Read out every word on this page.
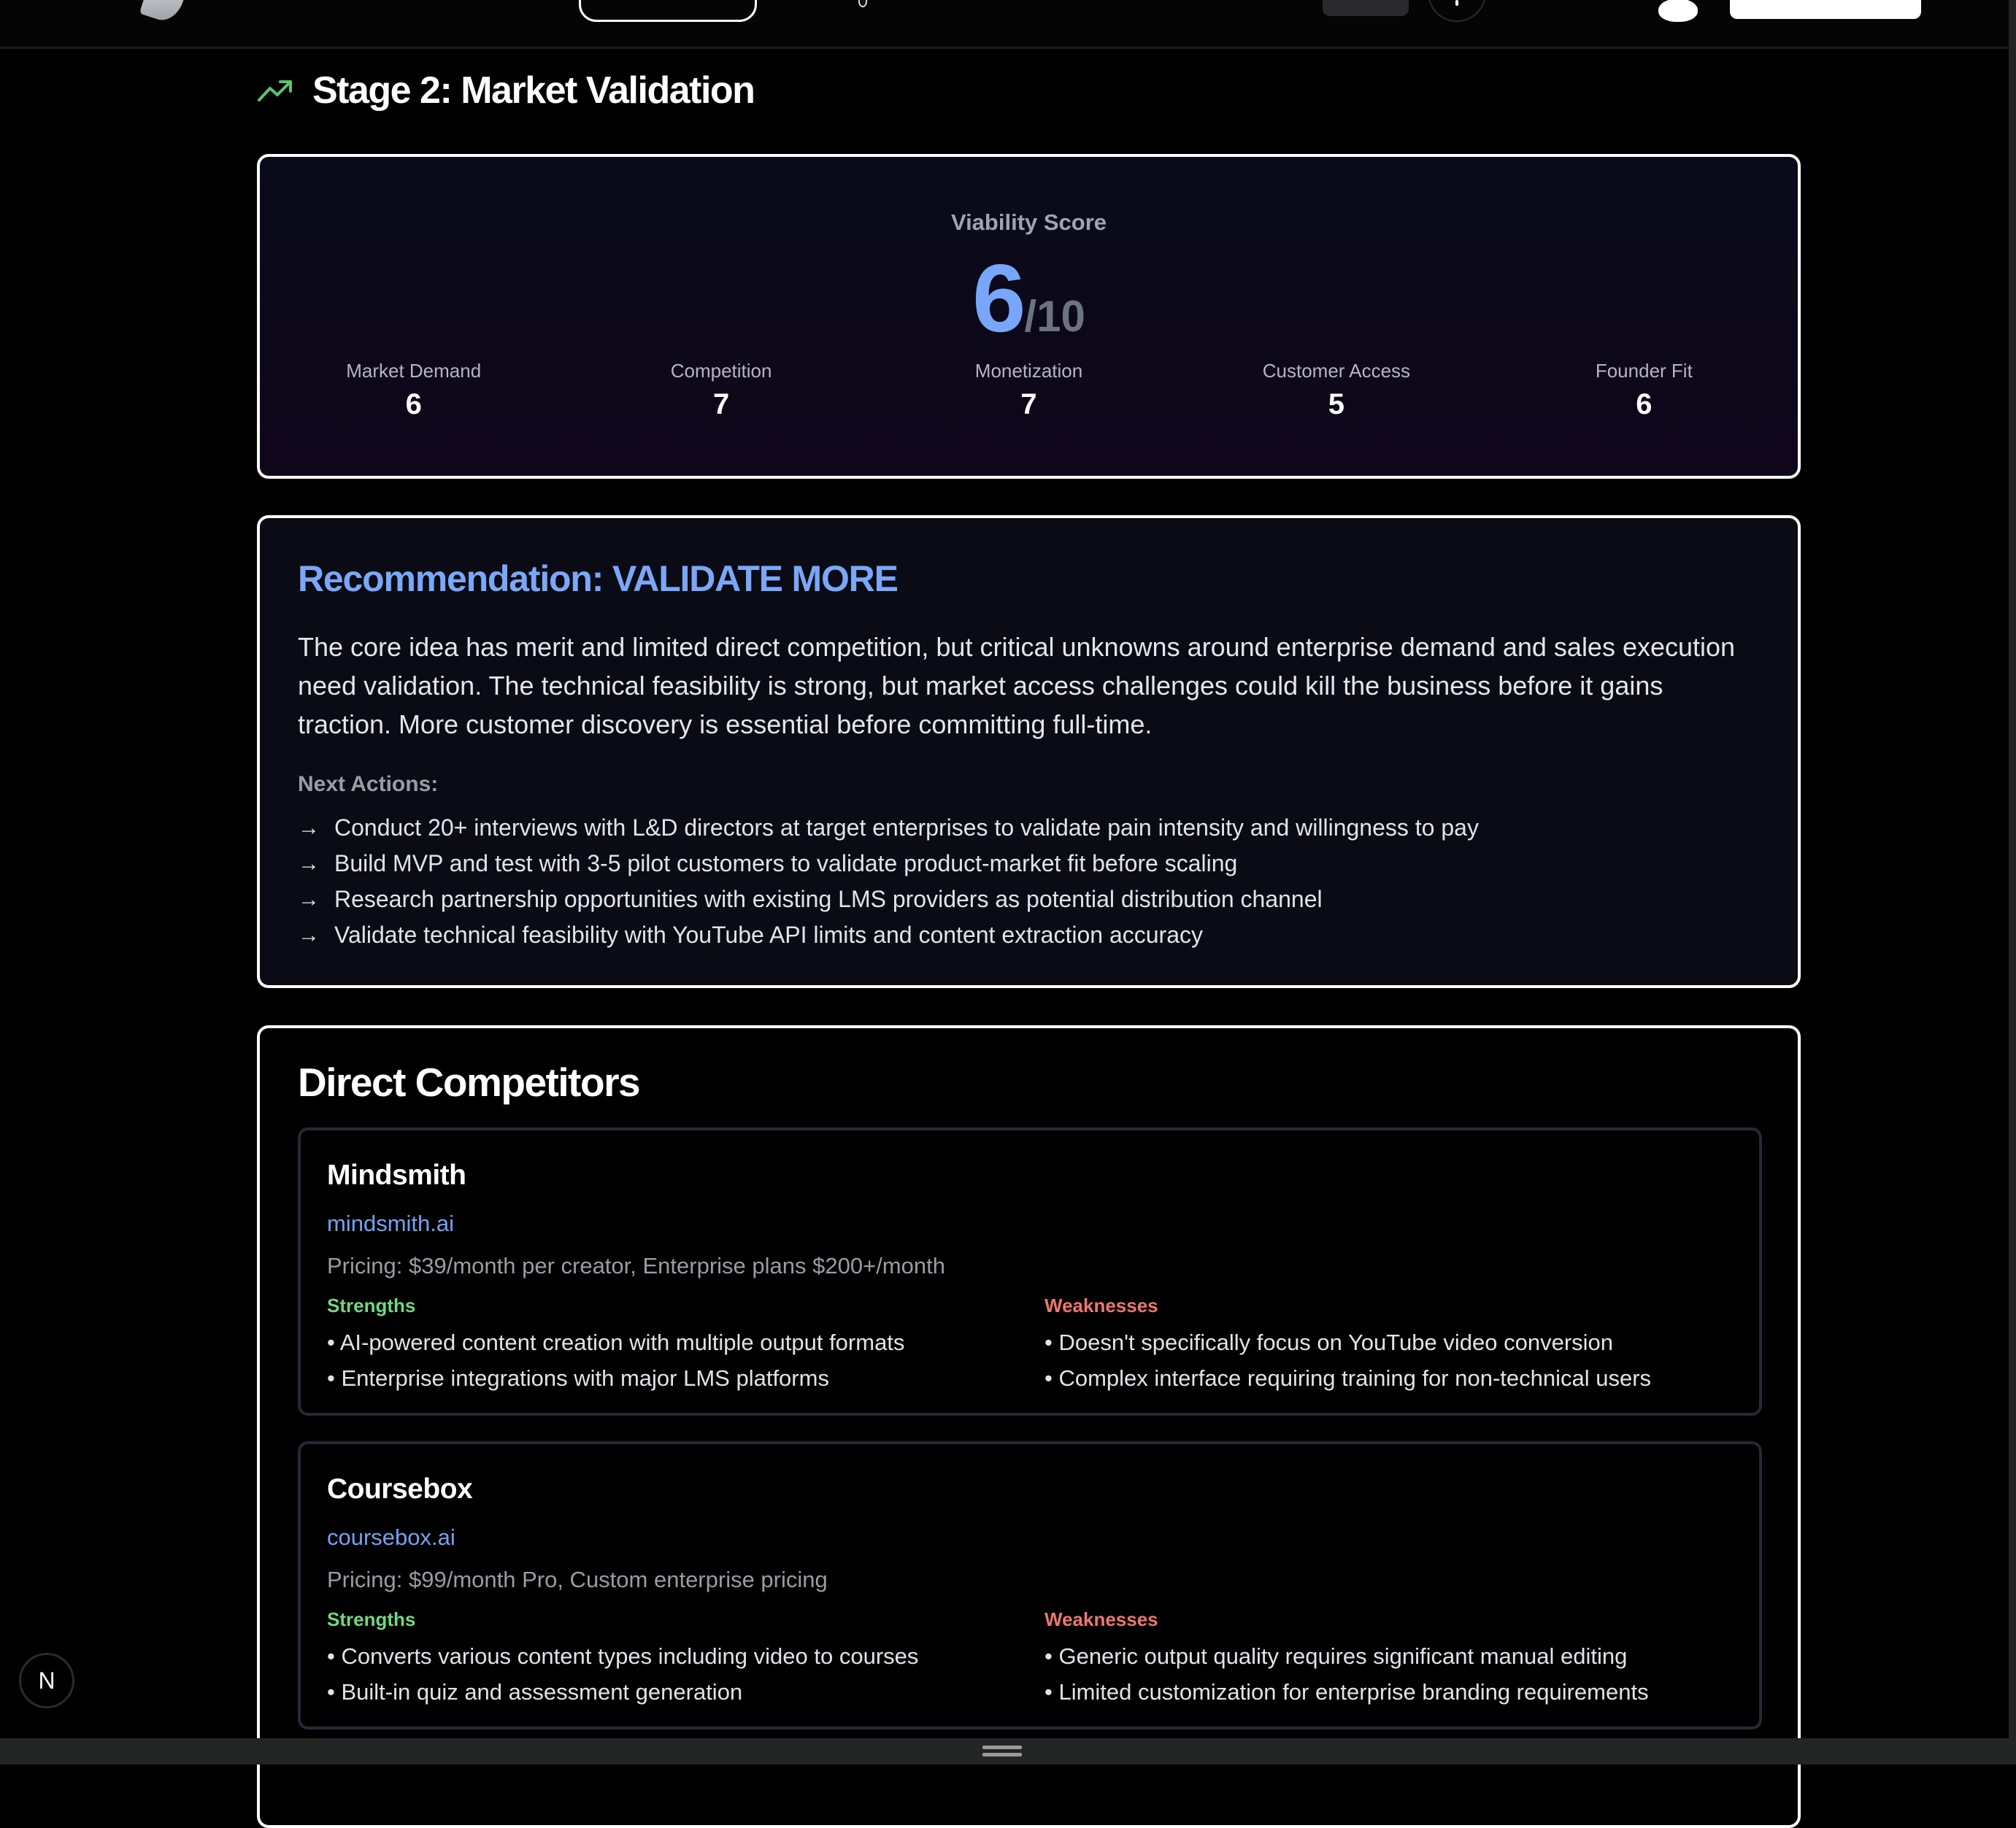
Stage 2: Market Validation
Viability Score
6/10
Market Demand
6
Competition
7
Monetization
7
Customer Access
5
Founder Fit
6
Recommendation: VALIDATE MORE
The core idea has merit and limited direct competition, but critical unknowns around enterprise demand and sales execution need validation. The technical feasibility is strong, but market access challenges could kill the business before it gains traction. More customer discovery is essential before committing full-time.
Next Actions:
→ Conduct 20+ interviews with L&D directors at target enterprises to validate pain intensity and willingness to pay
→ Build MVP and test with 3-5 pilot customers to validate product-market fit before scaling
→ Research partnership opportunities with existing LMS providers as potential distribution channel
→ Validate technical feasibility with YouTube API limits and content extraction accuracy
Direct Competitors
Mindsmith
mindsmith.ai
Pricing: $39/month per creator, Enterprise plans $200+/month
Strengths
• AI-powered content creation with multiple output formats
• Enterprise integrations with major LMS platforms
Weaknesses
• Doesn't specifically focus on YouTube video conversion
• Complex interface requiring training for non-technical users
Coursebox
coursebox.ai
Pricing: $99/month Pro, Custom enterprise pricing
Strengths
• Converts various content types including video to courses
• Built-in quiz and assessment generation
Weaknesses
• Generic output quality requires significant manual editing
• Limited customization for enterprise branding requirements
N
